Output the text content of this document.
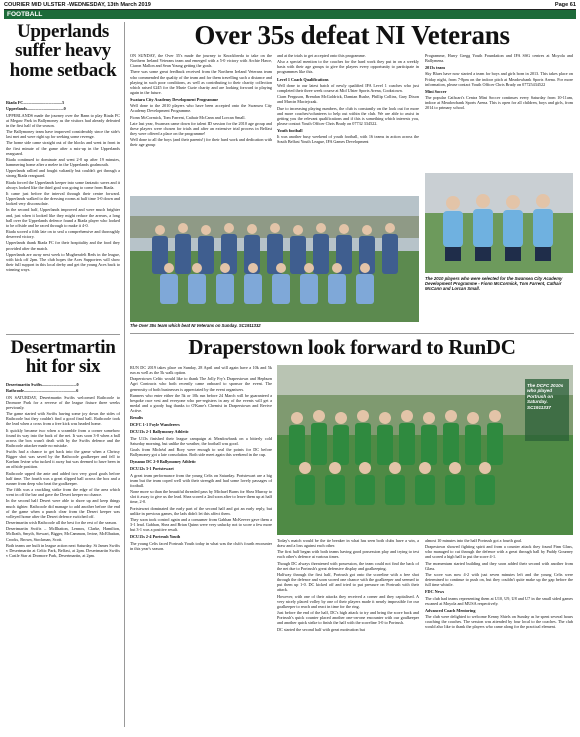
COURIER MID ULSTER -WEDNESDAY, 13th March 2019	Page 61
FOOTBALL
Upperlands suffer heavy home setback

Riada FC.....................................5

Upperlands...................................0

UPPERLANDS made the journey over the Bann to play Riada FC at Megaw Park in Ballymoney as the visitors had already defeated in the first half of the season.

The Ballymoney team have improved considerably since the side's last met and were right up for seeking some revenge.

The home side came straight out of the blocks and went in front in the first minute of the game after a mix-up in the Upperlands rearguard.

Riada continued to dominate and went 2-0 up after 19 minutes, hammering home after a melee in the Upperlands goalmouth.

Upperlands rallied and fought valiantly but couldn't get through a strong Riada rearguard.

Riada forced the Upperlands keeper into some fantastic saves and it always looked like the third goal was going to come from Riada.

It came just before the interval through their centre forward. Upperlands walked to the dressing rooms at half time 3-0 down and looked very disconsolate.

In the second half, Upperlands improved and were much brighter and, just when it looked like they might reduce the arrears, a long ball over the Upperlands defence found a Riada player who looked to be offside and he raced through to make it 4-0.

Riada scored a fifth late on to seal a comprehensive and thoroughly deserved victory.

Upperlands thank Riada FC for their hospitality and the food they provided after the match.

Upperlands are away next week to Mugherafelt Reds in the league, with kick off 2pm. The club hopes the Aces Supporters will show their full support in this local derby and get the young Aces back to winning ways.

Desertmartin hit for six

Desertmartin Swifts.................................0

Rathcoole..................................................6

ON SATURDAY, Desertmartin Swifts welcomed Rathcoole to Dromore Park for a reverse of the league fixture three weeks previously.

The game started with Swifts having some joy down the sides of Rathcoole but they couldn't find a good final ball. Rathcoole took the lead when a cross from a free kick was headed home.

It quickly became two when a scramble from a corner somehow found its way into the back of the net. It was soon 3-0 when a ball across the box wasn't dealt with by the Swifts defence and the Rathcoole attacker made no mistake.

Swifts had a chance to get back into the game when a Chrissy Bigger shot was saved by the Rathcoole goalkeeper and fell to Kaelum Irvine who tucked it away but was deemed to have been in an offside position.

Rathcoole upped the ante and added two very good goals before half time. The fourth was a great slipped ball across the box and a runner from deep who beat the goalkeeper.

The fifth was a crackling strike from the edge of the area which went in off the bar and gave the Desert keeper no chance.

In the second half Desert were able to shore up and keep things much tighter. Rathcoole did manage to add another before the end of the game when a punch clear from the Desert keeper was volleyed home after the Desert defence switched off.

Desertmartin wish Rathcoole all the best for the rest of the season.

Desertmartin Swifts – McIlhatton, Lennox, Clarke, Hamilton, McIlrath, Smyth, Stewart, Bigger, McCammon, Irvine, McElhattan, Crooks, Brown, Stockman, Scott.

Both teams are built in league action next Saturday. St James Swifts v Desertmartin at Celtic Park, Belfast, at 2pm. Desertmartin Swifts v Castle Star at Dromore Park, Desertmartin, at 2pm.

Over 35s defeat NI Veterans

ON SUNDAY, the Over 35's made the journey to Knockbreda to take on the Northern Ireland Veterans team and emerged with a 5-0 victory with Archie Hawe, Ciaron Mallon and Sean Young getting the goals.

There was some great feedback received from the Northern Ireland Veterans team who commended the quality of the team and for them travelling such a distance and playing in such poor conditions, as well as contributing to their charity collection which raised £245 for the Marie Curie charity and are looking forward to playing again in the future.

Swatara City Academy Development Programme

Well done to the 2010 players who have been accepted onto the Swansea City Academy Development Programme.

Fionn McCormick, Tom Farrent, Cathair McCann and Lorcan Small.

Late last year, Swansea came down for talent ID session for the 2010 age group and these players were chosen for trials and after an extensive trial process in Belfast they were offered a place on the programme!

Well done to all the boys (and their parents!) for their hard work and dedication with their age group

and at the trials to get accepted onto this programme.

Also a special mention to the coaches for the hard work they put in on a weekly basis with their age groups to give the players every opportunity to participate in programmes like this.

Level 1 Coach Qualifications

Well done to our latest batch of newly qualified IFA Level 1 coaches who just completed their three week course at Mid Ulster Sports Arena, Cookstown.

Ciarn Ferguson, Brendan McGoldrick, Damian Rushe, Phillip Collins, Gary Dixon and Marcin Maciejczak.

Due to increasing playing numbers, the club is constantly on the look out for more and more coaches/volunteers to help out within the club. We are able to assist in getting you the relevant qualifications and if this is something which interests you, please contact Youth Officer Chris Brady on 07732 334522.

Youth football

It was another busy weekend of youth football, with 16 teams in action across the South Belfast Youth League, IFA Games Development

Programme, Harry Gregg Youth Foundation and IFA SSG centres at Moyola and Ballymena.

2013s team

Sky Blues have now started a team for boys and girls born in 2013. This takes place on Friday night, from 7-8pm on the indoor pitch at Meadowbank Sports Arena. For more information, please contact Youth Officer Chris Brady on 07725434522

Mini Soccer

The popular Cathcart's Centra Mini Soccer continues every Saturday from 10-11am, indoor at Meadowbank Sports Arena. This is open for all children, boys and girls, from 2014 to primary school.

The Over 35s team which beat NI Veterans on Sunday. SC1911332
The 2010 players who were selected for the Swansea City Academy Development Programme - Fionn McCormick, Tom Farrent, Cathair McCann and Lorcan Small.
Draperstown look forward to RunDC

RUN DC 2019 takes place on Sunday, 28 April and will again have a 10k and 5k run as well as the 5k walk option.

Draperstown Celtic would like to thank The Jolly Fry's Draperstown and Hepburn Agri Contracts who both recently came onboard to sponsor the event. The generosity of both businesses is appreciated by the event organisers.

Runners who enter either the 5k or 10k run before 24 March will be guaranteed a bespoke race vest and everyone who pre-registers in any of the events will get a medal and a goody bag thanks to O'Kane's Chemist in Draperstown and Revive Active.

Results

DCFC 1-1 Foyle Wanderers

DCU13s 2-1 Ballymoney Athletic

The U13s finished their league campaign at Meadowbank on a bitterly cold Saturday morning, but unlike the weather, the football was good.

Goals from Michéal and Rory were enough to seal the points for DC before Ballymoney got a late consolation. Both side meet again this weekend in the cup.

Dynamo DC 2-0 Ballymoney Athletic

DCU12s 3-1 Portstewart

A great team performance from the young Celts on Saturday. Portstewart are a big team but the team coped well with their strength and had some lovely passages of football.

None more so than the beautiful threaded pass by Michael Burns for Shea Murray to slot it away to give us the lead. Shea scored a 2nd soon after to leave them up at half time, 2-0.

Portstewart dominated the early part of the second half and got an early reply, but unlike in previous games, the lads didn't let this affect them.

They soon took control again and a consumer from Gabhan McKeever gave them a 3-1 lead. Gabhan, Shea and Brian Quinn were very unlucky not to score a few more but 3-1 was a positive result.

DCU15s 2-4 Portrush Youth

The young Celts faced Portrush Youth today in what was the club's fourth encounter in this year's season.

The DCFC 2010s who played Portrush on Saturday. SC1911337

Today's match would be the tie breaker in what has seen both clubs have a win, a draw and a loss against each other.

The first half began with both teams having good possession play and trying to test each other's defence at various times.

Though DC always threatened with possession, the team could not find the back of the net due to Portrush's great defensive display and goalkeeping.

Halfway through the first half, Portrush got onto the scoreline with a free shot through the defence and soon scored one chance with the goalkeeper and seemed to put them up 1-0. DC kicked off and tried to put pressure on Portrush with their attack.

However, with one of their attacks they received a corner and they capitalised. A very nicely placed volley by one of their players made it nearly impossible for our goalkeeper to reach and react in time for the ring.

Just before the end of the half, DC's high attack to try and bring the score back and Portrush's quick counter placed another one-on-one encounter with our goalkeeper and another quick strike to finish the half with the scoreline 3-0 to Portrush.

DC started the second half with great motivation but

almost 10 minutes into the half Portrush got a fourth goal.

Drapestown showed fighting spirit and from a counter attack they found Finn Glass, who managed to cut through the defence with a great through ball by Paddy Gourney and scored a high ball to put the score 4-1.

The momentum started building and they soon added their second with another from Glass.

The score was now 4-2 with just seven minutes left and the young Celts were determined to continue to push on, but they couldn't quite make up the gap before the full time whistle.

FDC News

The club had teams representing them at U10, U9, U8 and U7 in the small sided games escaned at Moyola and MUSA respectively.

Advanced Coach Mentoring

The club were delighted to welcome Kenny Shiels on Sunday as he spent several hours coaching the coaches. The session was attended by four local to the coaches. The club would also like to thank the players who came along for the practical element.
